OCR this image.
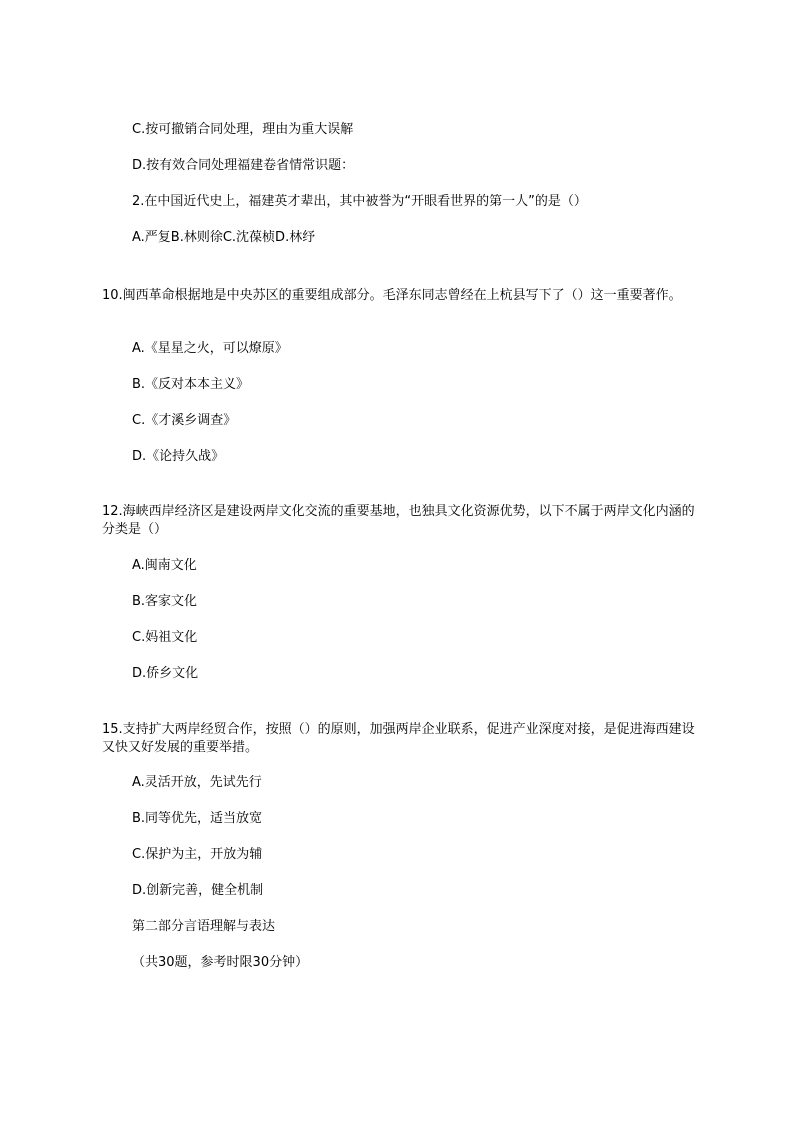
C.按可撤销合同处理，理由为重大误解
D.按有效合同处理福建卷省情常识题：
2.在中国近代史上，福建英才辈出，其中被誉为“开眼看世界的第一人”的是（）
A.严复B.林则徐C.沈葆桢D.林纾
10.闽西革命根据地是中央苏区的重要组成部分。毛泽东同志曾经在上杭县写下了（）这一重要著作。
A.《星星之火，可以燎原》
B.《反对本本主义》
C.《才溪乡调查》
D.《论持久战》
12.海峡西岸经济区是建设两岸文化交流的重要基地，也独具文化资源优势，以下不属于两岸文化内涵的分类是（）
A.闽南文化
B.客家文化
C.妈祖文化
D.侨乡文化
15.支持扩大两岸经贸合作，按照（）的原则，加强两岸企业联系，促进产业深度对接，是促进海西建设又快又好发展的重要举措。
A.灵活开放，先试先行
B.同等优先，适当放宽
C.保护为主，开放为辅
D.创新完善，健全机制
第二部分言语理解与表达
（共30题，参考时限30分钟）
